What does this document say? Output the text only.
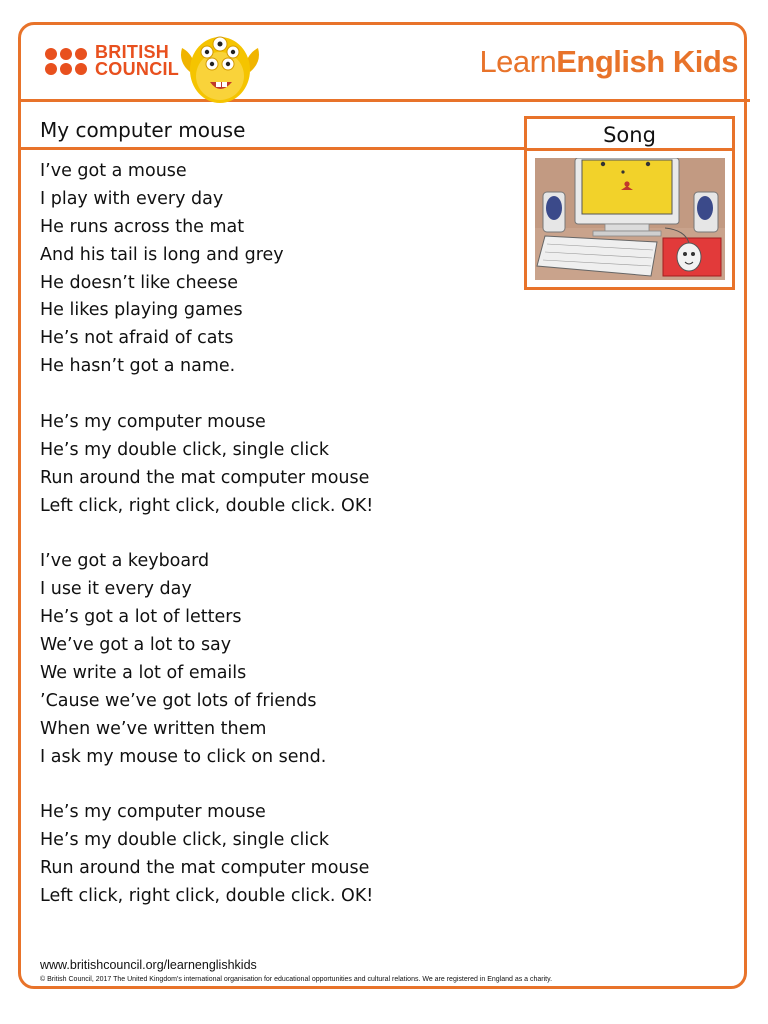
BRITISH
COUNCIL	LearnEnglish Kids
My computer mouse	Song
I’ve got a mouse
I play with every day
He runs across the mat
And his tail is long and grey
He doesn’t like cheese
He likes playing games
He’s not afraid of cats
He hasn’t got a name.
He’s my computer mouse
He’s my double click, single click
Run around the mat computer mouse
Left click, right click, double click. OK!
I’ve got a keyboard
I use it every day
He’s got a lot of letters
We’ve got a lot to say
We write a lot of emails
’Cause we’ve got lots of friends
When we’ve written them
I ask my mouse to click on send.
He’s my computer mouse
He’s my double click, single click
Run around the mat computer mouse
Left click, right click, double click. OK!
www.britishcouncil.org/learnenglishkids
© British Council, 2017 The United Kingdom’s international organisation for educational opportunities and cultural relations. We are registered in England as a charity.
